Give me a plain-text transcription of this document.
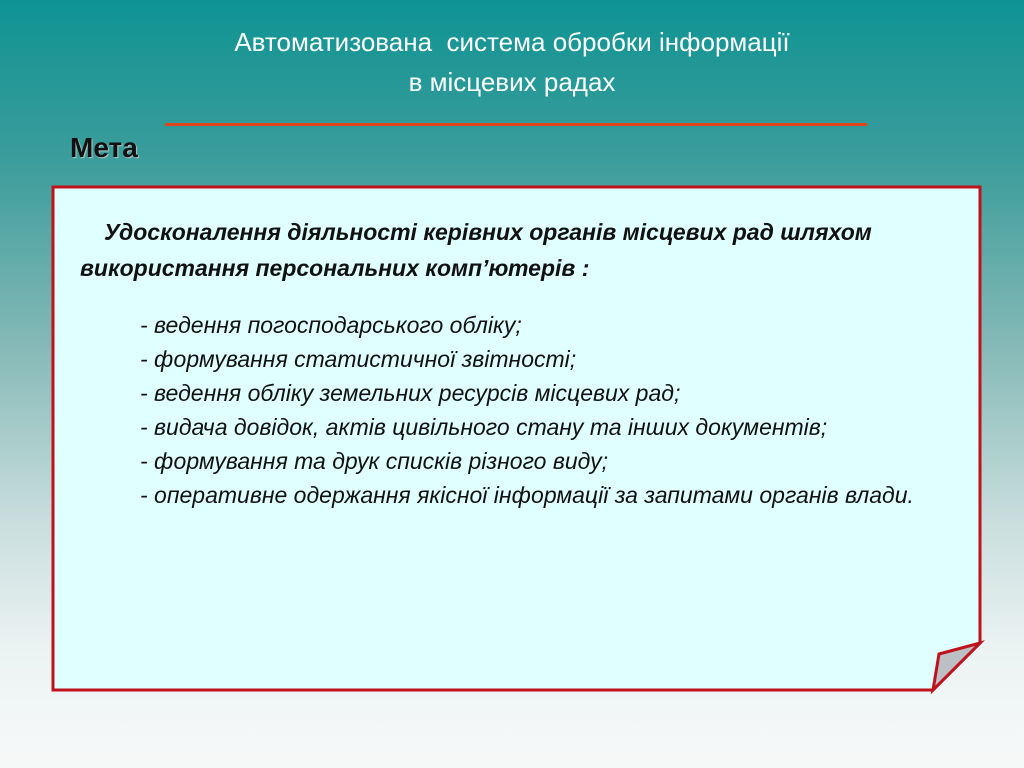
Автоматизована  система обробки інформації
в місцевих радах
Мета

Удосконалення діяльності керівних органів місцевих рад шляхом використання персональних комп’ютерів :

- ведення погосподарського обліку;
- формування статистичної звітності;
- ведення обліку земельних ресурсів місцевих рад;
- видача довідок, актів цивільного стану та інших документів;
- формування та друк списків різного виду;
- оперативне одержання якісної інформації за запитами органів влади.
